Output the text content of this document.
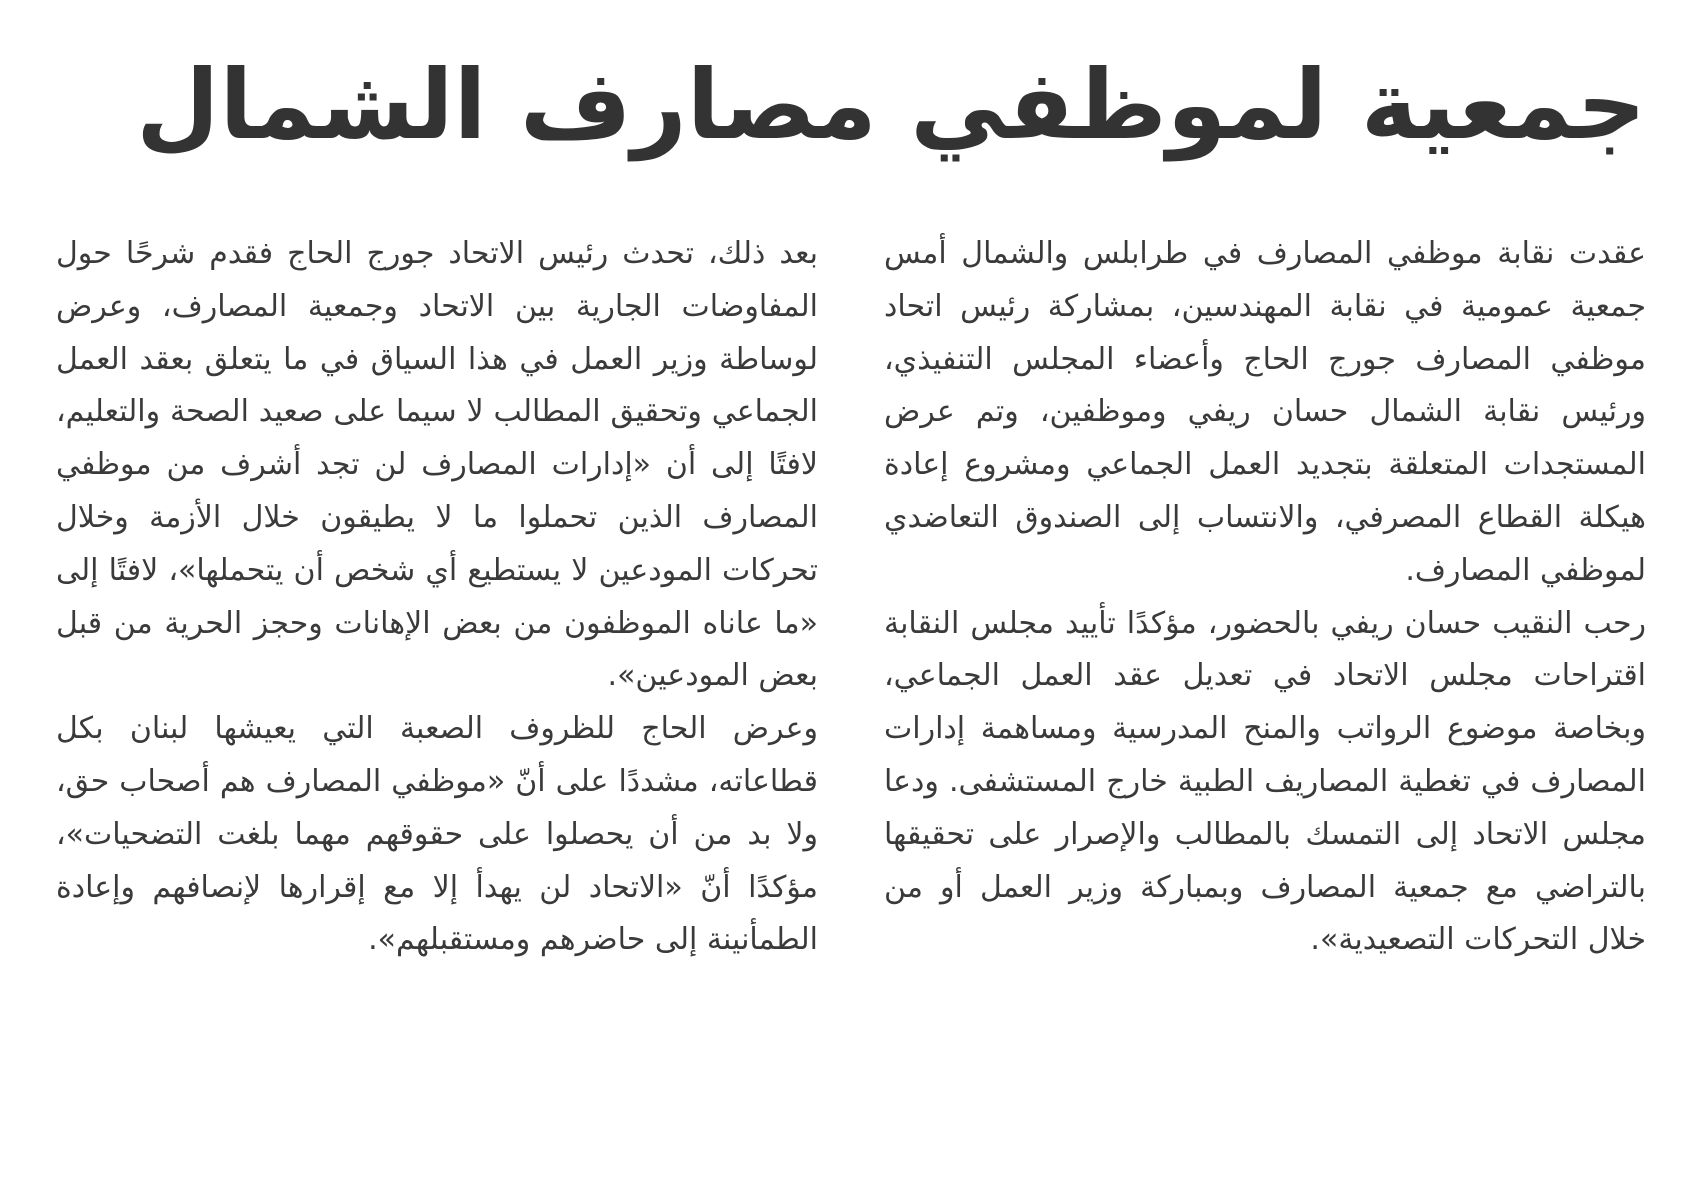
جمعية لموظفي مصارف الشمال

عقدت نقابة موظفي المصارف في طرابلس والشمال أمس جمعية عمومية في نقابة المهندسين، بمشاركة رئيس اتحاد موظفي المصارف جورج الحاج وأعضاء المجلس التنفيذي، ورئيس نقابة الشمال حسان ريفي وموظفين، وتم عرض المستجدات المتعلقة بتجديد العمل الجماعي ومشروع إعادة هيكلة القطاع المصرفي، والانتساب إلى الصندوق التعاضدي لموظفي المصارف.

رحب النقيب حسان ريفي بالحضور، مؤكدًا تأييد مجلس النقابة اقتراحات مجلس الاتحاد في تعديل عقد العمل الجماعي، وبخاصة موضوع الرواتب والمنح المدرسية ومساهمة إدارات المصارف في تغطية المصاريف الطبية خارج المستشفى. ودعا مجلس الاتحاد إلى التمسك بالمطالب والإصرار على تحقيقها بالتراضي مع جمعية المصارف وبمباركة وزير العمل أو من خلال التحركات التصعيدية».

بعد ذلك، تحدث رئيس الاتحاد جورج الحاج فقدم شرحًا حول المفاوضات الجارية بين الاتحاد وجمعية المصارف، وعرض لوساطة وزير العمل في هذا السياق في ما يتعلق بعقد العمل الجماعي وتحقيق المطالب لا سيما على صعيد الصحة والتعليم، لافتًا إلى أن «إدارات المصارف لن تجد أشرف من موظفي المصارف الذين تحملوا ما لا يطيقون خلال الأزمة وخلال تحركات المودعين لا يستطيع أي شخص أن يتحملها»، لافتًا إلى «ما عاناه الموظفون من بعض الإهانات وحجز الحرية من قبل بعض المودعين».

وعرض الحاج للظروف الصعبة التي يعيشها لبنان بكل قطاعاته، مشددًا على أنّ «موظفي المصارف هم أصحاب حق، ولا بد من أن يحصلوا على حقوقهم مهما بلغت التضحيات»، مؤكدًا أنّ «الاتحاد لن يهدأ إلا مع إقرارها لإنصافهم وإعادة الطمأنينة إلى حاضرهم ومستقبلهم».
